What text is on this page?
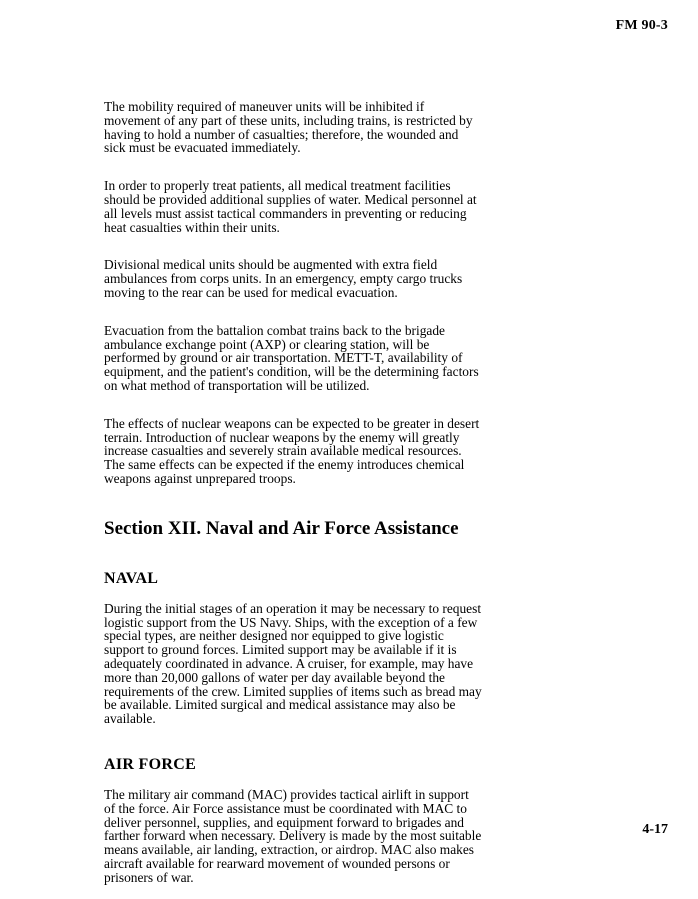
FM 90-3

The mobility required of maneuver units will be inhibited if movement of any part of these units, including trains, is restricted by having to hold a number of casualties; therefore, the wounded and sick must be evacuated immediately.

In order to properly treat patients, all medical treatment facilities should be provided additional supplies of water. Medical personnel at all levels must assist tactical commanders in preventing or reducing heat casualties within their units.

Divisional medical units should be augmented with extra field ambulances from corps units. In an emergency, empty cargo trucks moving to the rear can be used for medical evacuation.

Evacuation from the battalion combat trains back to the brigade ambulance exchange point (AXP) or clearing station, will be performed by ground or air transportation. METT-T, availability of equipment, and the patient's condition, will be the determining factors on what method of transportation will be utilized.

The effects of nuclear weapons can be expected to be greater in desert terrain. Introduction of nuclear weapons by the enemy will greatly increase casualties and severely strain available medical resources. The same effects can be expected if the enemy introduces chemical weapons against unprepared troops.

Section XII. Naval and Air Force Assistance
NAVAL

During the initial stages of an operation it may be necessary to request logistic support from the US Navy. Ships, with the exception of a few special types, are neither designed nor equipped to give logistic support to ground forces. Limited support may be available if it is adequately coordinated in advance. A cruiser, for example, may have more than 20,000 gallons of water per day available beyond the requirements of the crew. Limited supplies of items such as bread may be available. Limited surgical and medical assistance may also be available.

AIR FORCE

The military air command (MAC) provides tactical airlift in support of the force. Air Force assistance must be coordinated with MAC to deliver personnel, supplies, and equipment forward to brigades and farther forward when necessary. Delivery is made by the most suitable means available, air landing, extraction, or airdrop. MAC also makes aircraft available for rearward movement of wounded persons or prisoners of war.

4-17
